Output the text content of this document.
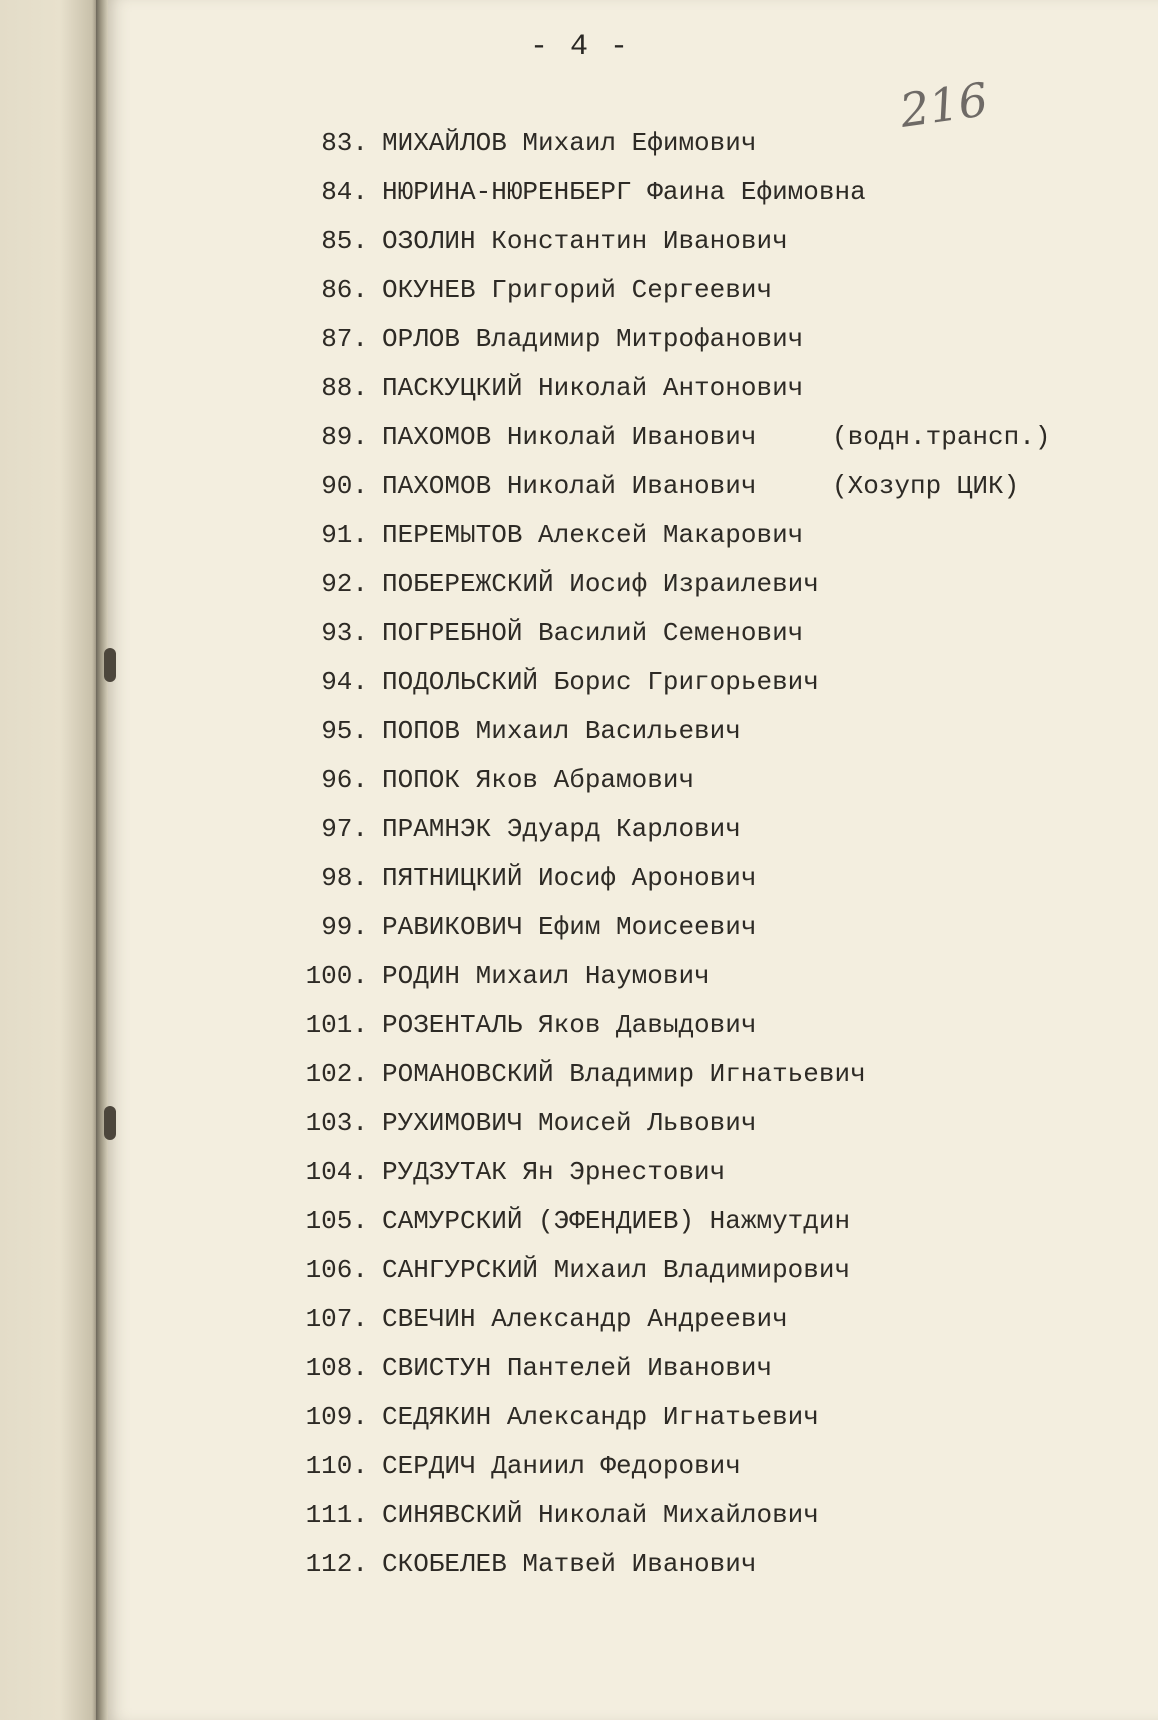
- 4 -
216
83. МИХАЙЛОВ Михаил Ефимович
84. НЮРИНА-НЮРЕНБЕРГ Фаина Ефимовна
85. ОЗОЛИН Константин Иванович
86. ОКУНЕВ Григорий Сергеевич
87. ОРЛОВ Владимир Митрофанович
88. ПАСКУЦКИЙ Николай Антонович
89. ПАХОМОВ Николай Иванович	(водн.трансп.)
90. ПАХОМОВ Николай Иванович	(Хозупр ЦИК)
91. ПЕРЕМЫТОВ Алексей Макарович
92. ПОБЕРЕЖСКИЙ Иосиф Израилевич
93. ПОГРЕБНОЙ Василий Семенович
94. ПОДОЛЬСКИЙ Борис Григорьевич
95. ПОПОВ Михаил Васильевич
96. ПОПОК Яков Абрамович
97. ПРАМНЭК Эдуард Карлович
98. ПЯТНИЦКИЙ Иосиф Аронович
99. РАВИКОВИЧ Ефим Моисеевич
100. РОДИН Михаил Наумович
101. РОЗЕНТАЛЬ Яков Давыдович
102. РОМАНОВСКИЙ Владимир Игнатьевич
103. РУХИМОВИЧ Моисей Львович
104. РУДЗУТАК Ян Эрнестович
105. САМУРСКИЙ (ЭФЕНДИЕВ) Нажмутдин
106. САНГУРСКИЙ Михаил Владимирович
107. СВЕЧИН Александр Андреевич
108. СВИСТУН Пантелей Иванович
109. СЕДЯКИН Александр Игнатьевич
110. СЕРДИЧ Даниил Федорович
111. СИНЯВСКИЙ Николай Михайлович
112. СКОБЕЛЕВ Матвей Иванович
